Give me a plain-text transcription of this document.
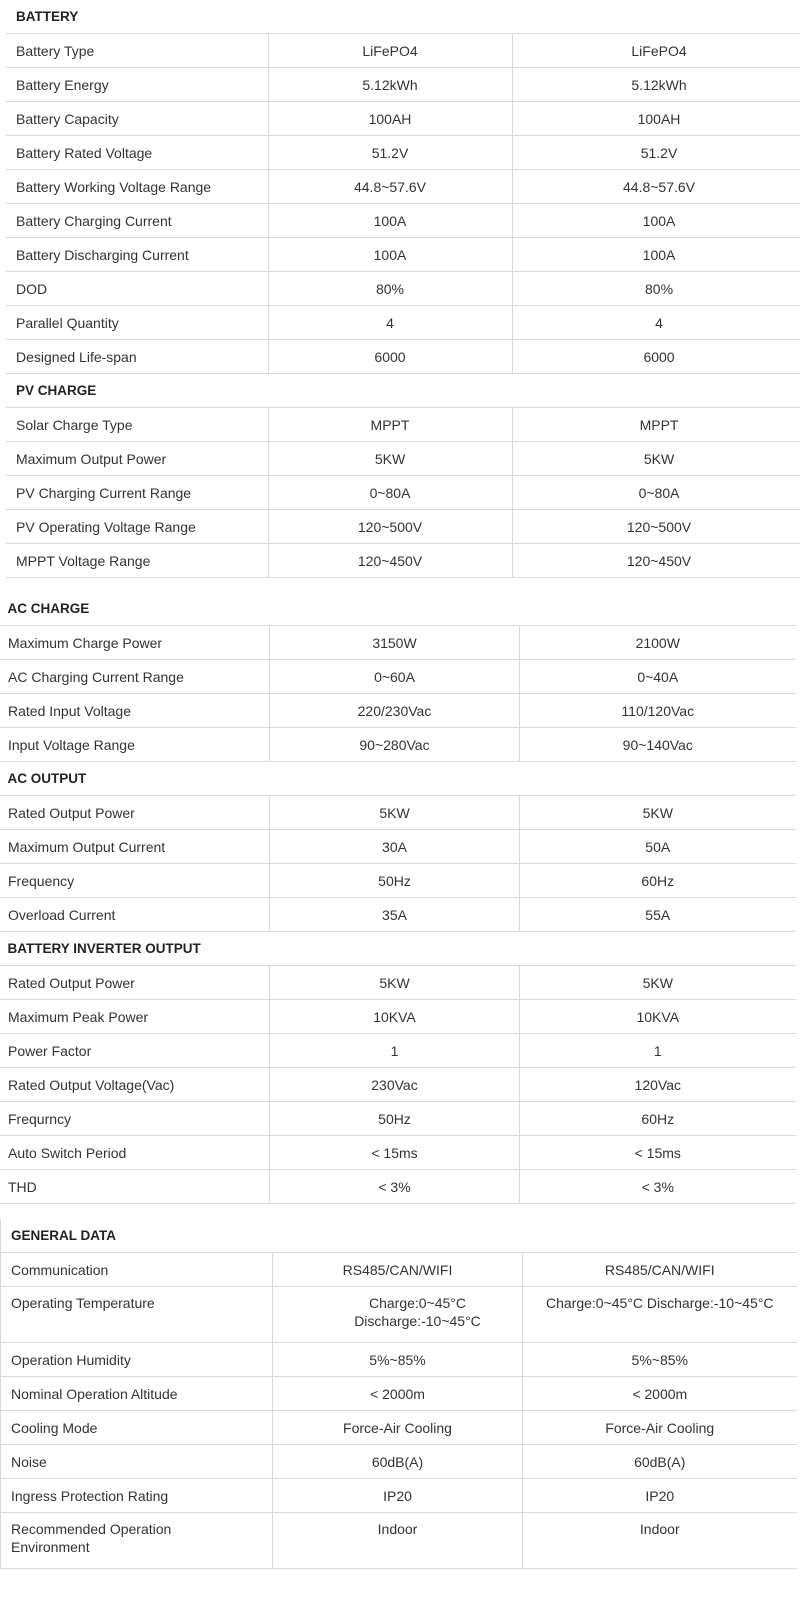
BATTERY		
Battery Type	LiFePO4	LiFePO4
Battery Energy	5.12kWh	5.12kWh
Battery Capacity	100AH	100AH
Battery Rated Voltage	51.2V	51.2V
Battery Working Voltage Range	44.8~57.6V	44.8~57.6V
Battery Charging Current	100A	100A
Battery Discharging Current	100A	100A
DOD	80%	80%
Parallel Quantity	4	4
Designed Life-span	6000	6000
PV CHARGE		
Solar Charge Type	MPPT	MPPT
Maximum Output Power	5KW	5KW
PV Charging Current Range	0~80A	0~80A
PV Operating Voltage Range	120~500V	120~500V
MPPT Voltage Range	120~450V	120~450V
AC CHARGE		
Maximum Charge Power	3150W	2100W
AC Charging Current Range	0~60A	0~40A
Rated Input Voltage	220/230Vac	110/120Vac
Input Voltage Range	90~280Vac	90~140Vac
AC OUTPUT		
Rated Output Power	5KW	5KW
Maximum Output Current	30A	50A
Frequency	50Hz	60Hz
Overload Current	35A	55A
BATTERY INVERTER OUTPUT		
Rated Output Power	5KW	5KW
Maximum Peak Power	10KVA	10KVA
Power Factor	1	1
Rated Output Voltage(Vac)	230Vac	120Vac
Frequrncy	50Hz	60Hz
Auto Switch Period	< 15ms	< 15ms
THD	< 3%	< 3%
GENERAL DATA		
Communication	RS485/CAN/WIFI	RS485/CAN/WIFI
Operating Temperature	Charge:0~45°C Discharge:-10~45°C	Charge:0~45°C Discharge:-10~45°C
Operation Humidity	5%~85%	5%~85%
Nominal Operation Altitude	< 2000m	< 2000m
Cooling Mode	Force-Air Cooling	Force-Air Cooling
Noise	60dB(A)	60dB(A)
Ingress Protection Rating	IP20	IP20
Recommended Operation Environment	Indoor	Indoor
